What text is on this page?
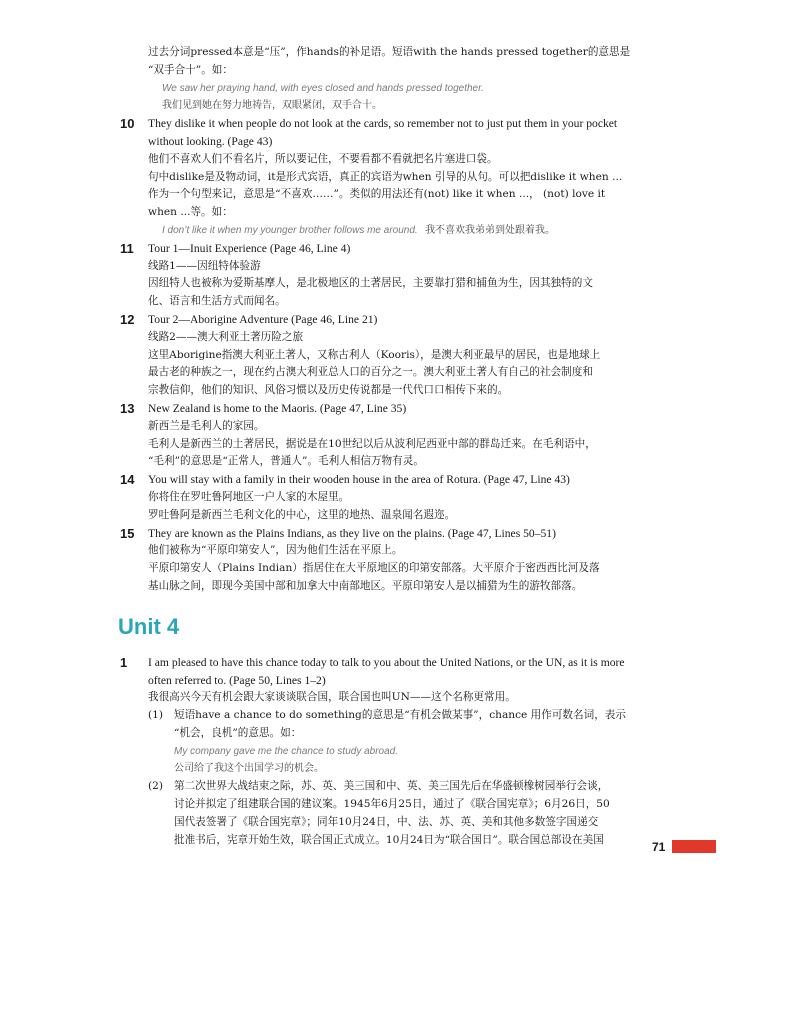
过去分词pressed本意是“压”，作hands的补足语。短语with the hands pressed together的意思是

“双手合十”。如：

We saw her praying hand, with eyes closed and hands pressed together.

我们见到她在努力地祷告，双眼紧闭，双手合十。

10 They dislike it when people do not look at the cards, so remember not to just put them in your pocket

without looking. (Page 43)

他们不喜欢人们不看名片，所以要记住，不要看都不看就把名片塞进口袋。

句中dislike是及物动词，it是形式宾语，真正的宾语为when 引导的从句。可以把dislike it when ...

作为一个句型来记，意思是“不喜欢……”。类似的用法还有(not) like it when ...， (not) love it

when ...等。如：

I don’t like it when my younger brother follows me around. 我不喜欢我弟弟到处跟着我。

11 Tour 1—Inuit Experience (Page 46, Line 4)

线路1——因纽特体验游

因纽特人也被称为爱斯基摩人，是北极地区的土著居民，主要靠打猎和捕鱼为生，因其独特的文

化、语言和生活方式而闻名。

12 Tour 2—Aborigine Adventure (Page 46, Line 21)

线路2——澳大利亚土著历险之旅

这里Aborigine指澳大利亚土著人，又称古利人（Kooris），是澳大利亚最早的居民，也是地球上

最古老的种族之一，现在约占澳大利亚总人口的百分之一。澳大利亚土著人有自己的社会制度和

宗教信仰，他们的知识、风俗习惯以及历史传说都是一代代口口相传下来的。

13 New Zealand is home to the Maoris. (Page 47, Line 35)

新西兰是毛利人的家园。

毛利人是新西兰的土著居民，据说是在10世纪以后从波利尼西亚中部的群岛迁来。在毛利语中，

“毛利”的意思是“正常人，普通人”。毛利人相信万物有灵。

14 You will stay with a family in their wooden house in the area of Rotura. (Page 47, Line 43)

你将住在罗吐鲁阿地区一户人家的木屋里。

罗吐鲁阿是新西兰毛利文化的中心，这里的地热、温泉闻名遐迩。

15 They are known as the Plains Indians, as they live on the plains. (Page 47, Lines 50–51)

他们被称为“平原印第安人”，因为他们生活在平原上。

平原印第安人（Plains Indian）指居住在大平原地区的印第安部落。大平原介于密西西比河及落

基山脉之间，即现今美国中部和加拿大中南部地区。平原印第安人是以捕猎为生的游牧部落。

Unit 4
1 I am pleased to have this chance today to talk to you about the United Nations, or the UN, as it is more

often referred to. (Page 50, Lines 1–2)

我很高兴今天有机会跟大家谈谈联合国，联合国也叫UN——这个名称更常用。

(1) 短语have a chance to do something的意思是“有机会做某事”，chance 用作可数名词，表示

“机会，良机”的意思。如：

My company gave me the chance to study abroad.

公司给了我这个出国学习的机会。

(2) 第二次世界大战结束之际，苏、英、美三国和中、英、美三国先后在华盛顿橡树园举行会谈，

讨论并拟定了组建联合国的建议案。1945年6月25日，通过了《联合国宪章》；6月26日，50

国代表签署了《联合国宪章》；同年10月24日，中、法、苏、英、美和其他多数签字国递交

批准书后，宪章开始生效，联合国正式成立。10月24日为“联合国日”。联合国总部设在美国

71
